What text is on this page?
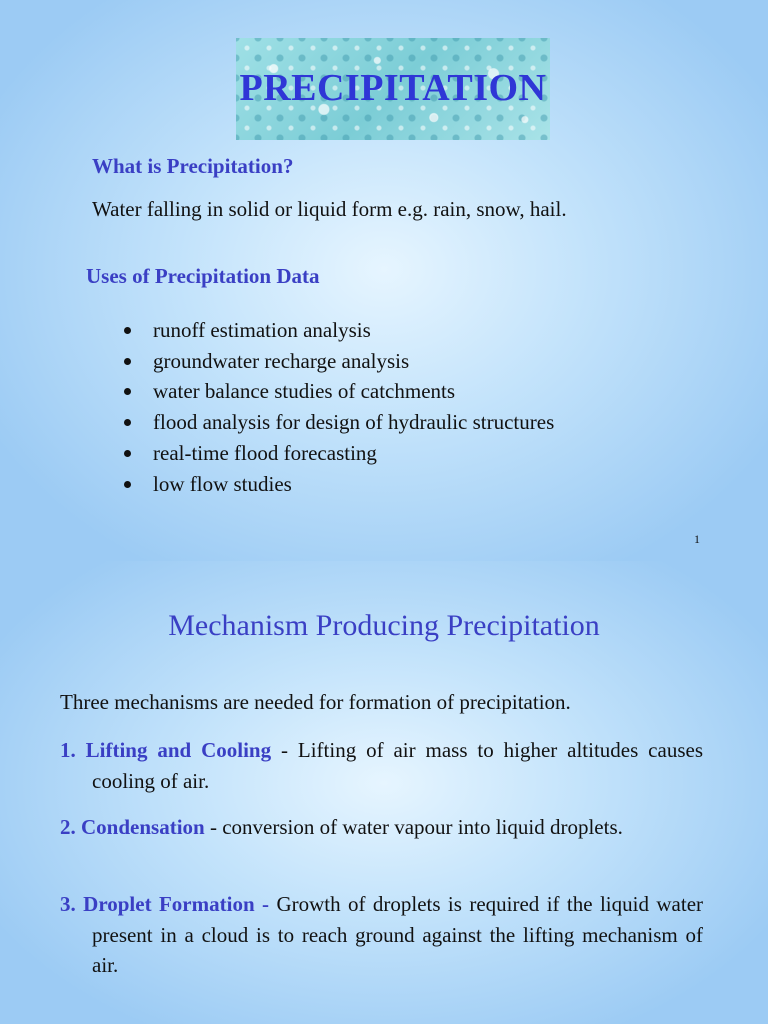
PRECIPITATION
What is Precipitation?
Water falling in solid or liquid form e.g. rain, snow, hail.
Uses of Precipitation Data
runoff estimation analysis
groundwater recharge analysis
water balance studies of catchments
flood analysis for design of hydraulic structures
real-time flood forecasting
low flow studies
1
Mechanism Producing Precipitation
Three mechanisms are needed for formation of precipitation.

1. Lifting and Cooling - Lifting of air mass to higher altitudes causes cooling of air.

2. Condensation - conversion of water vapour into liquid droplets.

3. Droplet Formation - Growth of droplets is required if the liquid water present in a cloud is to reach ground against the lifting mechanism of air.
